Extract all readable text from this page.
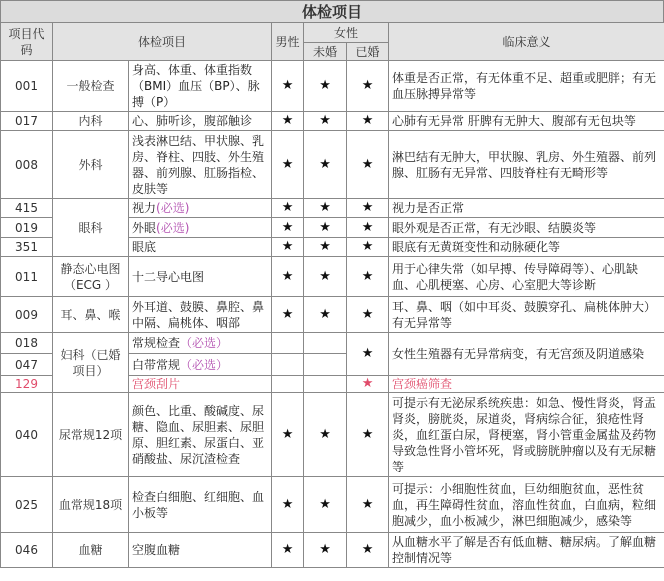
体检项目
项目代码	体检项目		男性	女性		临床意义
				未婚	已婚	
001	一般检查	身高、体重、体重指数（BMI）血压（BP）、脉搏（P）	★	★	★	体重是否正常，有无体重不足、超重或肥胖；有无血压脉搏异常等
017	内科	心、肺听诊，腹部触诊	★	★	★	心肺有无异常 肝脾有无肿大、腹部有无包块等
008	外科	浅表淋巴结、甲状腺、乳房、脊柱、四肢、外生殖器、前列腺、肛肠指检、皮肤等	★	★	★	淋巴结有无肿大，甲状腺、乳房、外生殖器、前列腺、肛肠有无异常、四肢脊柱有无畸形等
415	眼科	视力(必选)	★	★	★	视力是否正常
019		外眼(必选)	★	★	★	眼外观是否正常，有无沙眼、结膜炎等
351		眼底	★	★	★	眼底有无黄斑变性和动脉硬化等
011	静态心电图（ECG ）	十二导心电图	★	★	★	用于心律失常（如早搏、传导障碍等）、心肌缺血、心肌梗塞、心房、心室肥大等诊断
009	耳、鼻、喉	外耳道、鼓膜、鼻腔、鼻中隔、扁桃体、咽部	★	★	★	耳、鼻、咽（如中耳炎、鼓膜穿孔、扁桃体肿大）有无异常等
018	妇科（已婚项目）	常规检查（必选）			★	女性生殖器有无异常病变，有无宫颈及阴道感染
047		白带常规（必选）				
129		宫颈刮片			★	宫颈癌筛查
040	尿常规12项	颜色、比重、酸碱度、尿糖、隐血、尿胆素、尿胆原、胆红素、尿蛋白、亚硝酸盐、尿沉渣检查	★	★	★	可提示有无泌尿系统疾患：如急、慢性肾炎，肾盂肾炎，膀胱炎，尿道炎，肾病综合征，狼疮性肾炎，血红蛋白尿，肾梗塞，肾小管重金属盐及药物导致急性肾小管坏死，肾或膀胱肿瘤以及有无尿糖等
025	血常规18项	检查白细胞、红细胞、血小板等	★	★	★	可提示：小细胞性贫血，巨幼细胞贫血，恶性贫血，再生障碍性贫血，溶血性贫血，白血病，粒细胞减少，血小板减少，淋巴细胞减少，感染等
046	血糖	空腹血糖	★	★	★	从血糖水平了解是否有低血糖、糖尿病。了解血糖控制情况等
